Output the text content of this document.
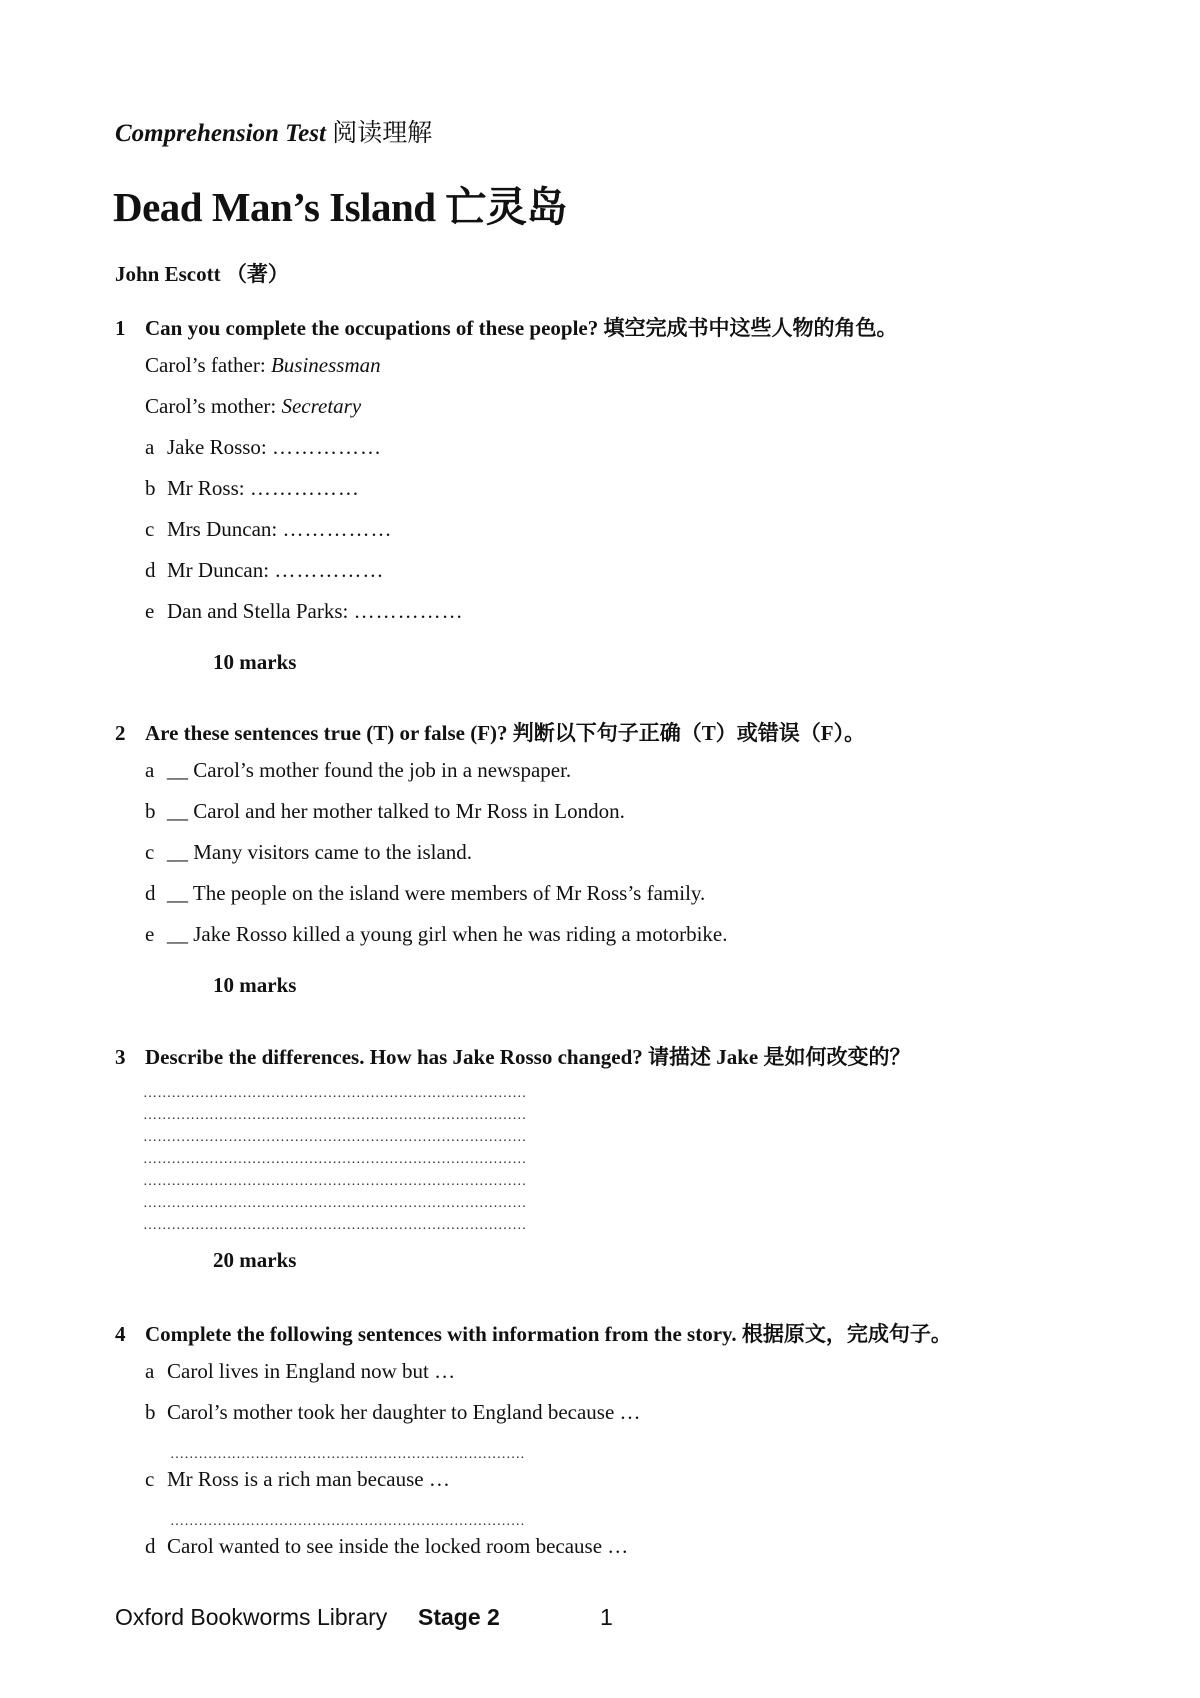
Comprehension Test 阅读理解
Dead Man’s Island 亡灵岛
John Escott （著）
1 Can you complete the occupations of these people? 填空完成书中这些人物的角色。
Carol’s father: Businessman
Carol’s mother: Secretary
a Jake Rosso: ……………
b Mr Ross: ……………
c Mrs Duncan: ……………
d Mr Duncan: ……………
e Dan and Stella Parks: ……………
10 marks
2 Are these sentences true (T) or false (F)? 判断以下句子正确（T）或错误（F）。
a __ Carol’s mother found the job in a newspaper.
b __ Carol and her mother talked to Mr Ross in London.
c __ Many visitors came to the island.
d __ The people on the island were members of Mr Ross’s family.
e __ Jake Rosso killed a young girl when he was riding a motorbike.
10 marks
3 Describe the differences. How has Jake Rosso changed? 请描述 Jake 是如何改变的？
………………………………………………………………………
………………………………………………………………………
………………………………………………………………………
………………………………………………………………………
………………………………………………………………………
………………………………………………………………………
………………………………………………………………………
20 marks
4 Complete the following sentences with information from the story. 根据原文，完成句子。
a Carol lives in England now but …
b Carol’s mother took her daughter to England because …
…………………………………………………………………
c Mr Ross is a rich man because …
…………………………………………………………………
d Carol wanted to see inside the locked room because …
Oxford Bookworms Library Stage 2	1
